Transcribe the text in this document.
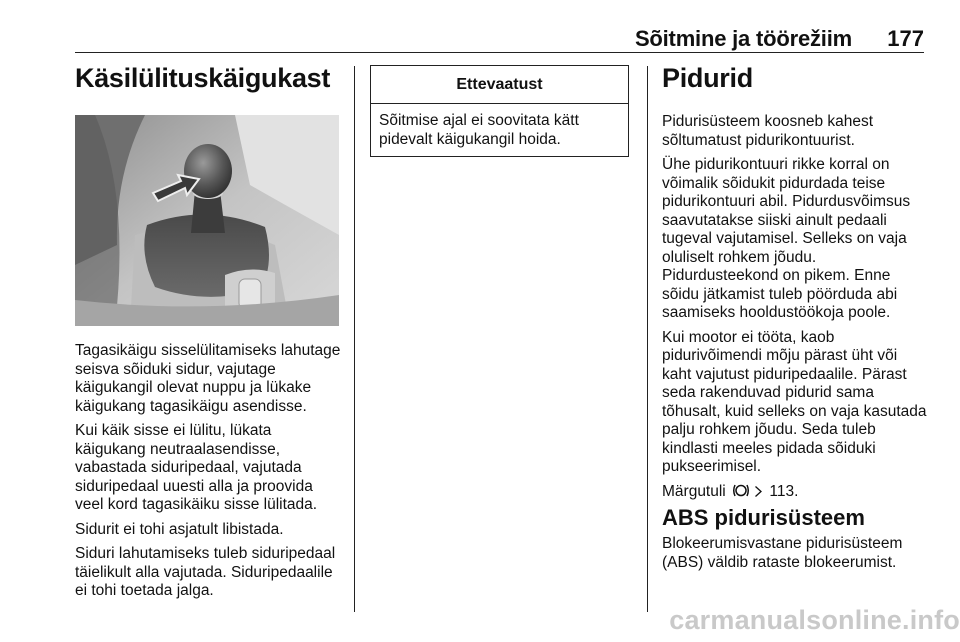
Sõitmine ja töörežiim 177
Käsilülituskäigukast

Tagasikäigu sisselülitamiseks lahutage seisva sõiduki sidur, vajutage käigukangil olevat nuppu ja lükake käigukang tagasikäigu asendisse.

Kui käik sisse ei lülitu, lükata käigukang neutraalasendisse, vabastada siduripedaal, vajutada siduripedaal uuesti alla ja proovida veel kord tagasikäiku sisse lülitada.

Sidurit ei tohi asjatult libistada.

Siduri lahutamiseks tuleb siduripedaal täielikult alla vajutada. Siduripedaalile ei tohi toetada jalga.

Ettevaatust
Sõitmise ajal ei soovitata kätt pidevalt käigukangil hoida.
Pidurid

Pidurisüsteem koosneb kahest sõltumatust pidurikontuurist.

Ühe pidurikontuuri rikke korral on võimalik sõidukit pidurdada teise pidurikontuuri abil. Pidurdusvõimsus saavutatakse siiski ainult pedaali tugeval vajutamisel. Selleks on vaja oluliselt rohkem jõudu. Pidurdusteekond on pikem. Enne sõidu jätkamist tuleb pöörduda abi saamiseks hooldustöökoja poole.

Kui mootor ei tööta, kaob pidurivõimendi mõju pärast üht või kaht vajutust piduripedaalile. Pärast seda rakenduvad pidurid sama tõhusalt, kuid selleks on vaja kasutada palju rohkem jõudu. Seda tuleb kindlasti meeles pidada sõiduki pukseerimisel.

Märgutuli	113.

ABS pidurisüsteem

Blokeerumisvastane pidurisüsteem (ABS) väldib rataste blokeerumist.

carmanualsonline.info
